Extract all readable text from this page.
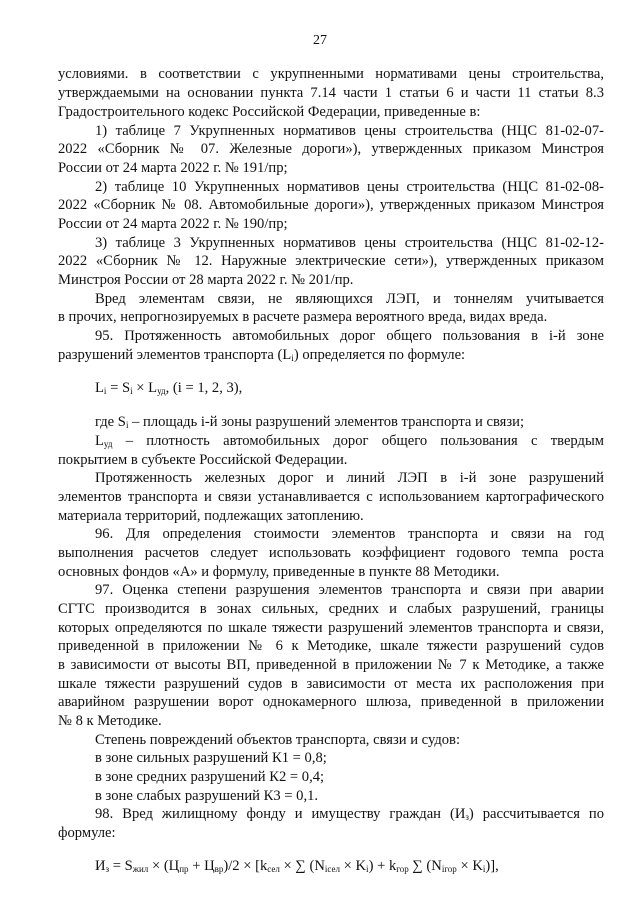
27
условиями. в соответствии с укрупненными нормативами цены строительства,
утверждаемыми на основании пункта 7.14 части 1 статьи 6 и части 11 статьи 8.3
Градостроительного кодекс Российской Федерации, приведенные в:
1) таблице 7 Укрупненных нормативов цены строительства (НЦС 81-02-07-
2022 «Сборник № 07. Железные дороги»), утвержденных приказом Минстроя
России от 24 марта 2022 г. № 191/пр;
2) таблице 10 Укрупненных нормативов цены строительства (НЦС 81-02-08-
2022 «Сборник № 08. Автомобильные дороги»), утвержденных приказом Минстроя
России от 24 марта 2022 г. № 190/пр;
3) таблице 3 Укрупненных нормативов цены строительства (НЦС 81-02-12-
2022 «Сборник № 12. Наружные электрические сети»), утвержденных приказом
Минстроя России от 28 марта 2022 г. № 201/пр.
Вред элементам связи, не являющихся ЛЭП, и тоннелям учитывается
в прочих, непрогнозируемых в расчете размера вероятного вреда, видах вреда.
95. Протяженность автомобильных дорог общего пользования в i-й зоне
разрушений элементов транспорта $(L_i)$ определяется по формуле:
$L_i = S_i \times L_{уд}$, (i = 1, 2, 3),
где $S_i$ – площадь i-й зоны разрушений элементов транспорта и связи;
$L_{уд}$ – плотность автомобильных дорог общего пользования с твердым
покрытием в субъекте Российской Федерации.
Протяженность железных дорог и линий ЛЭП в i-й зоне разрушений
элементов транспорта и связи устанавливается с использованием картографического
материала территорий, подлежащих затоплению.
96. Для определения стоимости элементов транспорта и связи на год
выполнения расчетов следует использовать коэффициент годового темпа роста
основных фондов «А» и формулу, приведенные в пункте 88 Методики.
97. Оценка степени разрушения элементов транспорта и связи при аварии
СГТС производится в зонах сильных, средних и слабых разрушений, границы
которых определяются по шкале тяжести разрушений элементов транспорта и связи,
приведенной в приложении № 6 к Методике, шкале тяжести разрушений судов
в зависимости от высоты ВП, приведенной в приложении № 7 к Методике, а также
шкале тяжести разрушений судов в зависимости от места их расположения при
аварийном разрушении ворот однокамерного шлюза, приведенной в приложении
№ 8 к Методике.
Степень повреждений объектов транспорта, связи и судов:
в зоне сильных разрушений К1 = 0,8;
в зоне средних разрушений К2 = 0,4;
в зоне слабых разрушений К3 = 0,1.
98. Вред жилищному фонду и имуществу граждан $(И_з)$ рассчитывается по
формуле:
$И_з = S_{жил} \times (Ц_{пр} + Ц_{вр})/2 \times [k_{сел}$ × ∑ $(N_{iсел} \times K_i) + k_{гор}$ ∑ $(N_{iгор} \times K_i)$],
